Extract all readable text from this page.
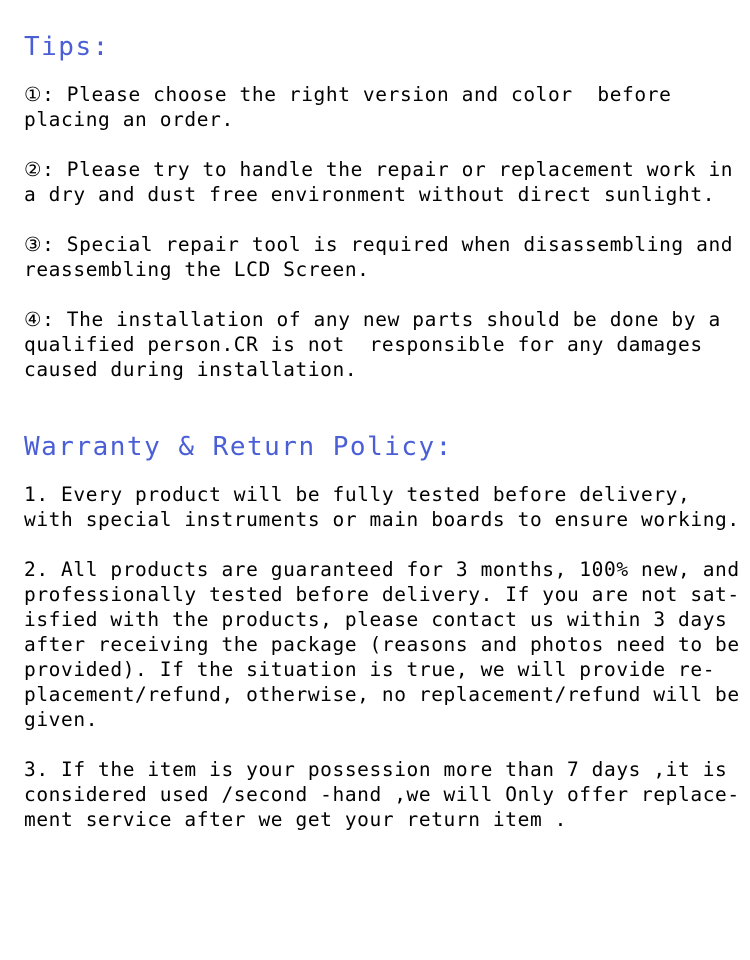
Tips:
①: Please choose the right version and color  before
placing an order.
②: Please try to handle the repair or replacement work in
a dry and dust free environment without direct sunlight.
③: Special repair tool is required when disassembling and
reassembling the LCD Screen.
④: The installation of any new parts should be done by a
qualified person.CR is not  responsible for any damages
caused during installation.
Warranty & Return Policy:
1. Every product will be fully tested before delivery,
with special instruments or main boards to ensure working.
2. All products are guaranteed for 3 months, 100% new, and
professionally tested before delivery. If you are not sat-
isfied with the products, please contact us within 3 days
after receiving the package (reasons and photos need to be
provided). If the situation is true, we will provide re-
placement/refund, otherwise, no replacement/refund will be
given.
3. If the item is your possession more than 7 days ,it is
considered used /second -hand ,we will Only offer replace-
ment service after we get your return item .
